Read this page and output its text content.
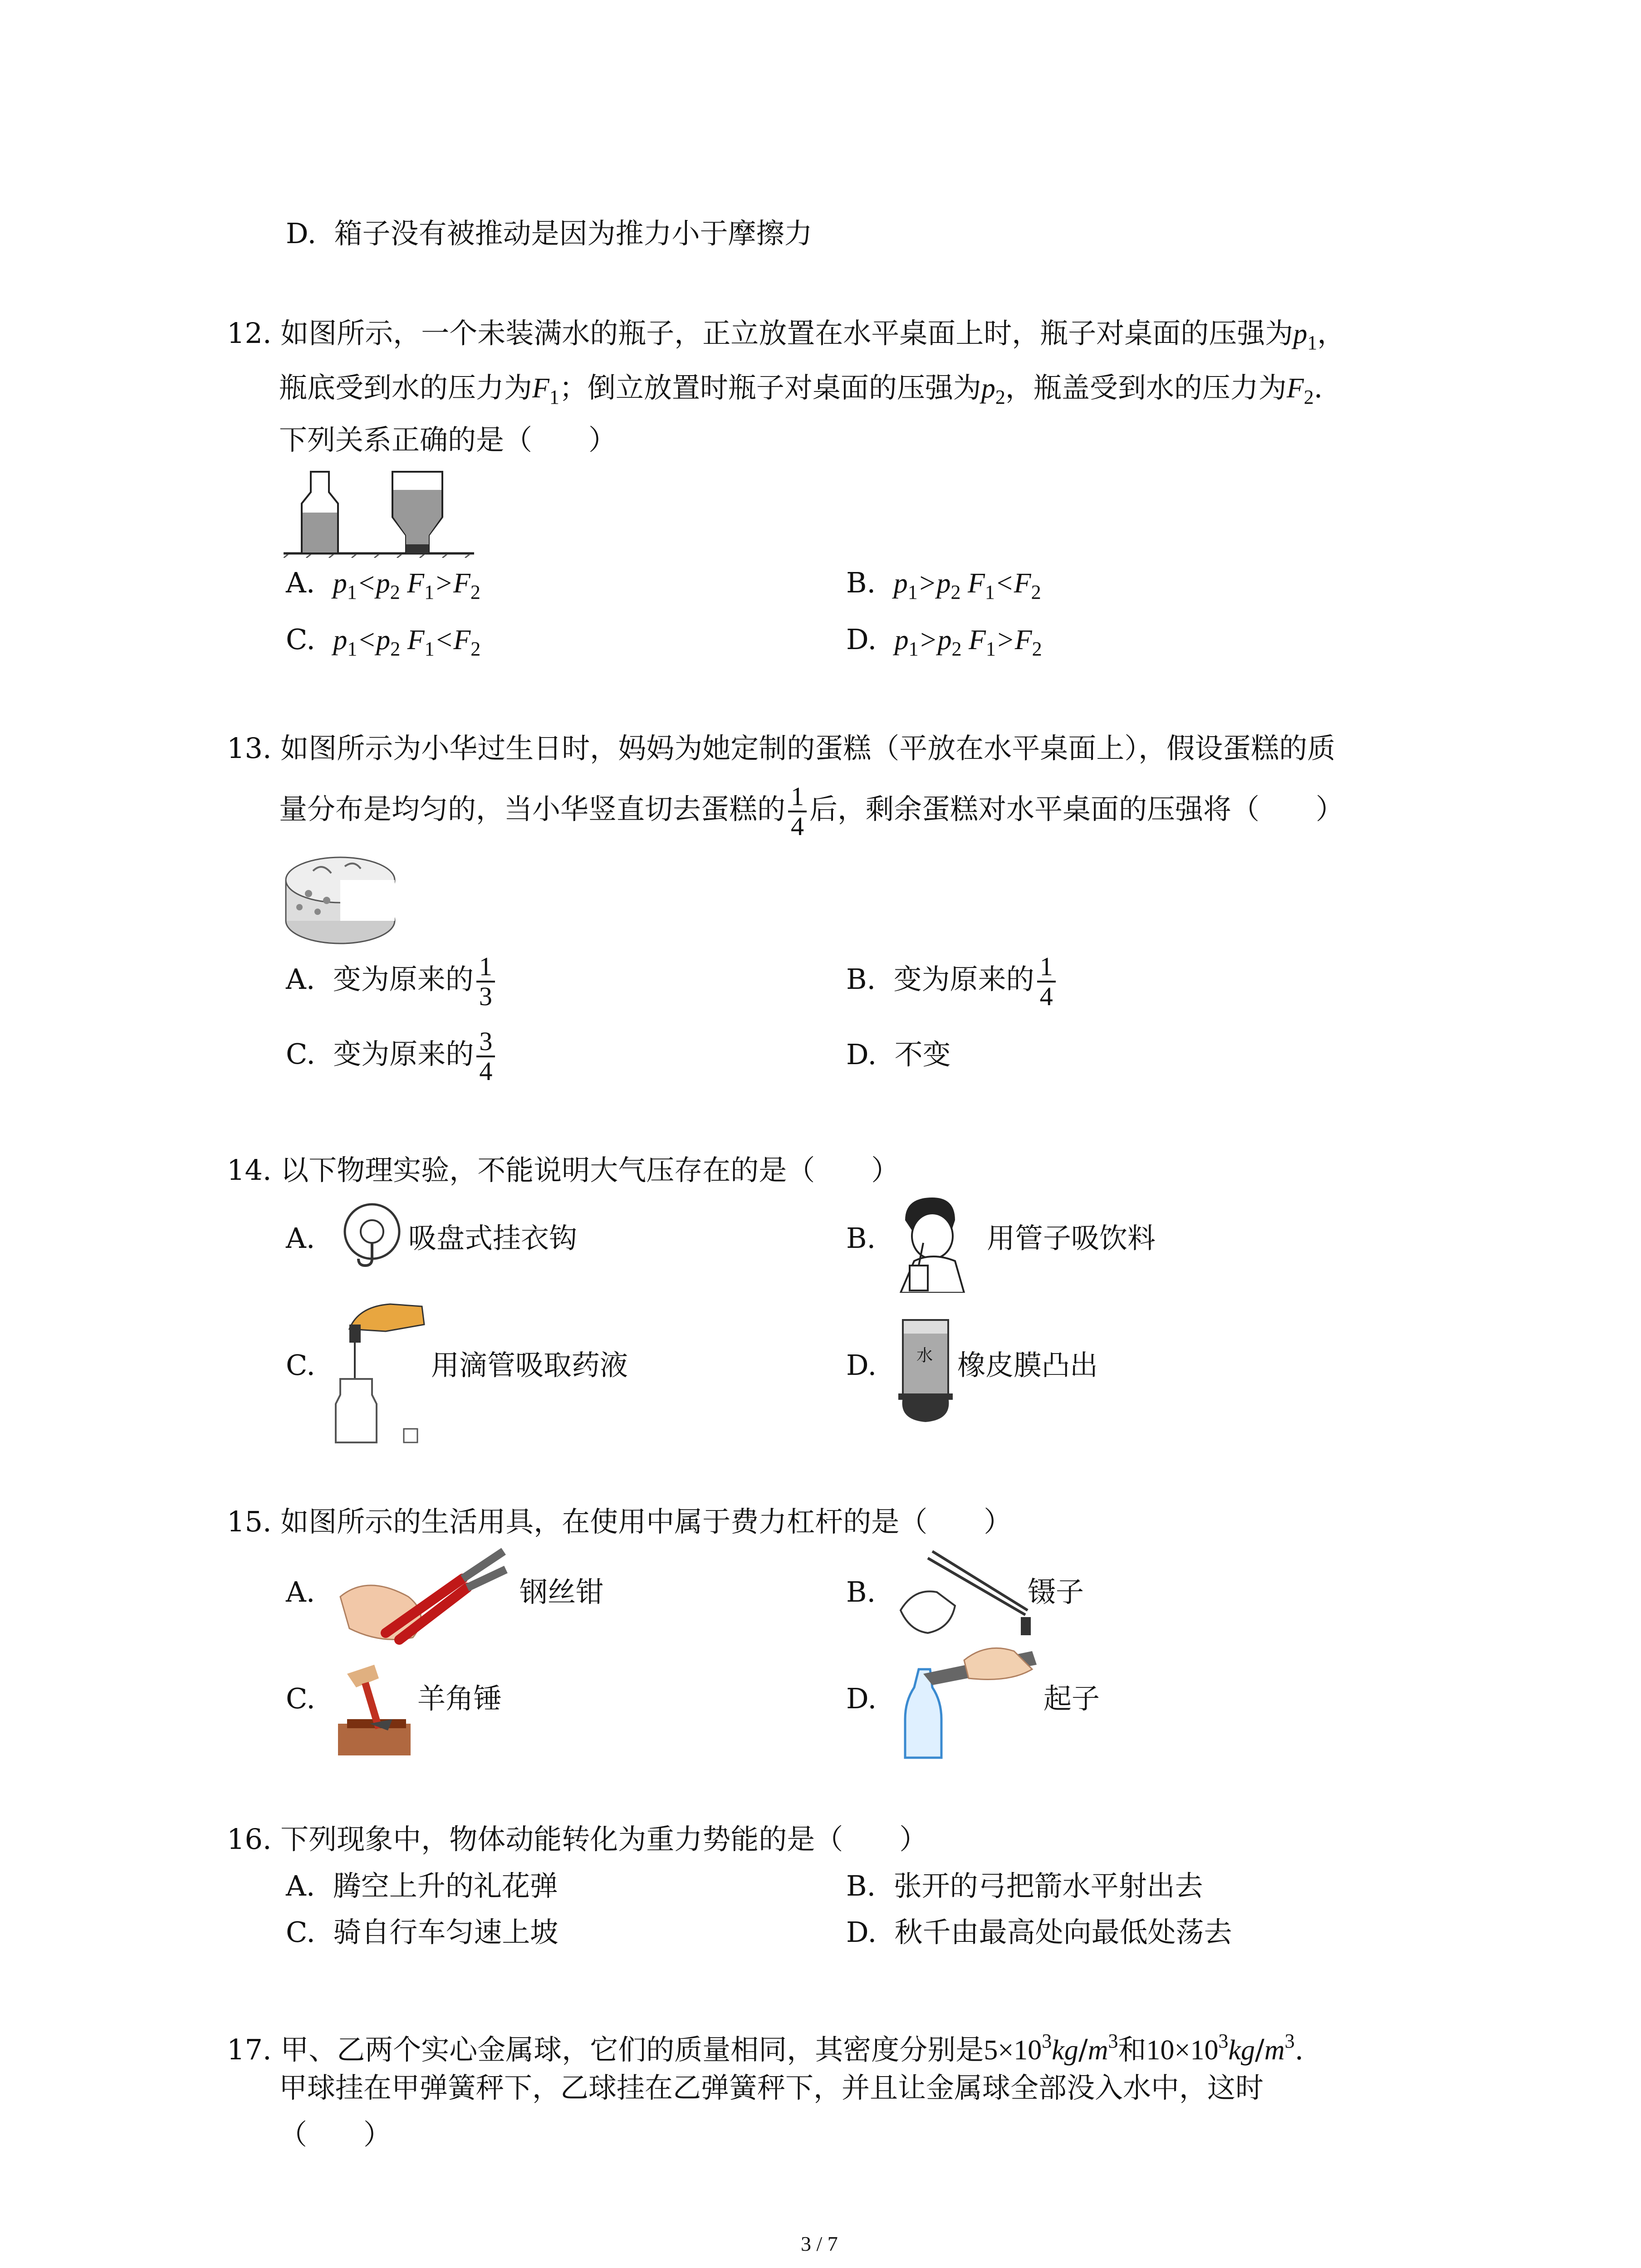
D.  箱子没有被推动是因为推力小于摩擦力
12. 如图所示，一个未装满水的瓶子，正立放置在水平桌面上时，瓶子对桌面的压强为$p_1$，
瓶底受到水的压力为$F_1$；倒立放置时瓶子对桌面的压强为$p_2$，瓶盖受到水的压力为$F_2$.
下列关系正确的是（　　）
A. $p_1<p_2$ $F_1>F_2$	B. $p_1>p_2$ $F_1<F_2$
C. $p_1<p_2$ $F_1<F_2$	D. $p_1>p_2$ $F_1>F_2$
13. 如图所示为小华过生日时，妈妈为她定制的蛋糕（平放在水平桌面上），假设蛋糕的质
量分布是均匀的，当小华竖直切去蛋糕的 $\frac{1}{4}$ 后，剩余蛋糕对水平桌面的压强将（　　）
A.  变为原来的 $\frac{1}{3}$	B.  变为原来的 $\frac{1}{4}$
C.  变为原来的 $\frac{3}{4}$	D.  不变
14. 以下物理实验，不能说明大气压存在的是（　　）
A.	吸盘式挂衣钩	B.	用管子吸饮料
C.	用滴管吸取药液	D. 水 橡皮膜凸出
15. 如图所示的生活用具，在使用中属于费力杠杆的是（　　）
A.	钢丝钳	B.	镊子
C.	羊角锤	D.	起子
16. 下列现象中，物体动能转化为重力势能的是（　　）
A.  腾空上升的礼花弹	B.  张开的弓把箭水平射出去
C.  骑自行车匀速上坡	D.  秋千由最高处向最低处荡去
17. 甲、乙两个实心金属球，它们的质量相同，其密度分别是$5\times 10^3kg/m^3$和$10\times 10^3kg/m^3$.
甲球挂在甲弹簧秤下，乙球挂在乙弹簧秤下，并且让金属球全部没入水中，这时
（　　）
3 / 7
